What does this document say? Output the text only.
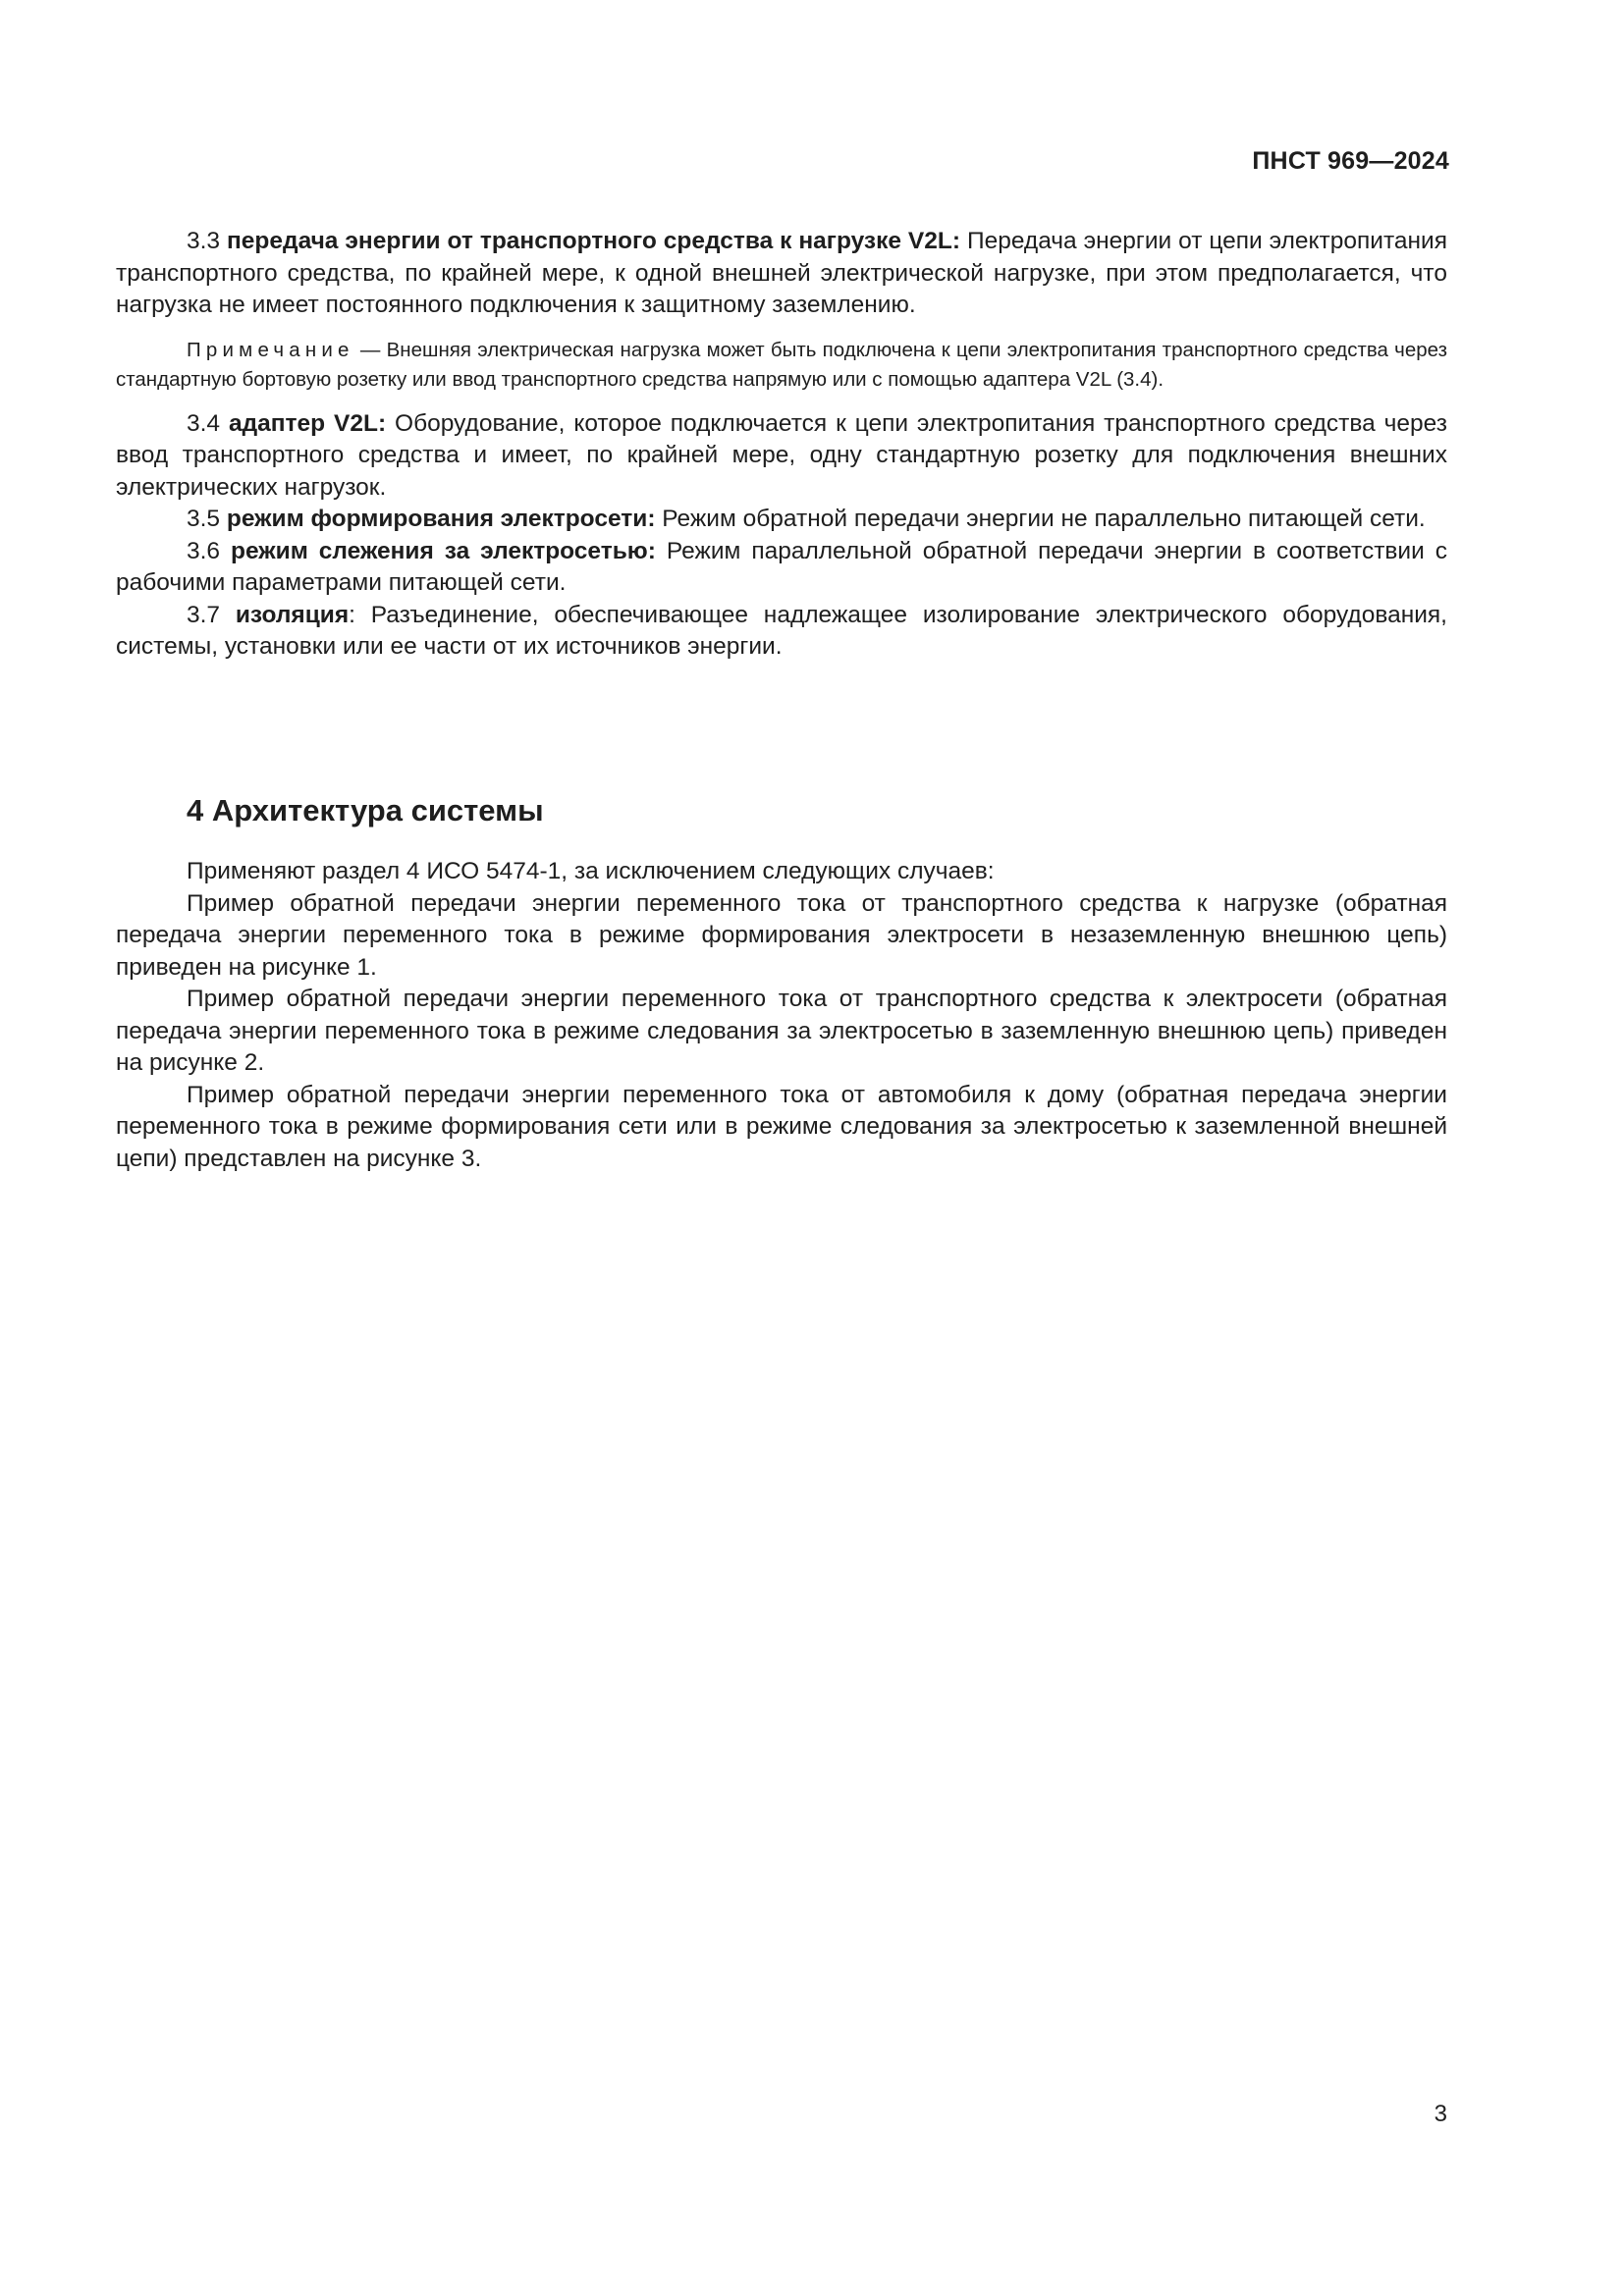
ПНСТ 969—2024

3.3 передача энергии от транспортного средства к нагрузке V2L: Передача энергии от цепи электропитания транспортного средства, по крайней мере, к одной внешней электрической нагрузке, при этом предполагается, что нагрузка не имеет постоянного подключения к защитному заземлению.

Примечание — Внешняя электрическая нагрузка может быть подключена к цепи электропитания транспортного средства через стандартную бортовую розетку или ввод транспортного средства напрямую или с помощью адаптера V2L (3.4).

3.4 адаптер V2L: Оборудование, которое подключается к цепи электропитания транспортного средства через ввод транспортного средства и имеет, по крайней мере, одну стандартную розетку для подключения внешних электрических нагрузок.

3.5 режим формирования электросети: Режим обратной передачи энергии не параллельно питающей сети.

3.6 режим слежения за электросетью: Режим параллельной обратной передачи энергии в соответствии с рабочими параметрами питающей сети.

3.7 изоляция: Разъединение, обеспечивающее надлежащее изолирование электрического оборудования, системы, установки или ее части от их источников энергии.

4 Архитектура системы

Применяют раздел 4 ИСО 5474-1, за исключением следующих случаев:

Пример обратной передачи энергии переменного тока от транспортного средства к нагрузке (обратная передача энергии переменного тока в режиме формирования электросети в незаземленную внешнюю цепь) приведен на рисунке 1.

Пример обратной передачи энергии переменного тока от транспортного средства к электросети (обратная передача энергии переменного тока в режиме следования за электросетью в заземленную внешнюю цепь) приведен на рисунке 2.

Пример обратной передачи энергии переменного тока от автомобиля к дому (обратная передача энергии переменного тока в режиме формирования сети или в режиме следования за электросетью к заземленной внешней цепи) представлен на рисунке 3.

3
